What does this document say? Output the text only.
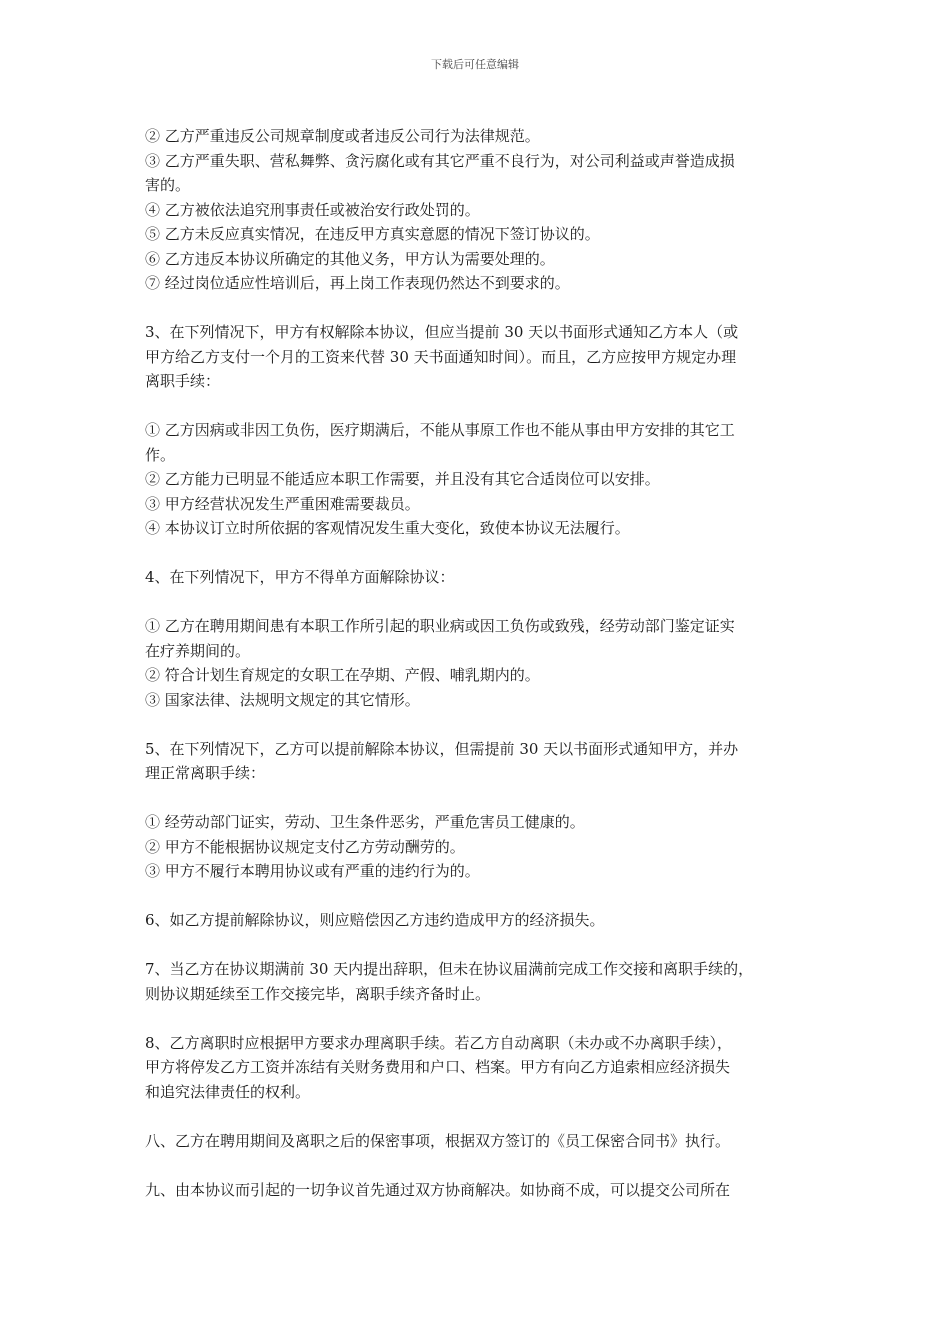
下载后可任意编辑
② 乙方严重违反公司规章制度或者违反公司行为法律规范。
③ 乙方严重失职、营私舞弊、贪污腐化或有其它严重不良行为，对公司利益或声誉造成损
害的。
④ 乙方被依法追究刑事责任或被治安行政处罚的。
⑤ 乙方未反应真实情况，在违反甲方真实意愿的情况下签订协议的。
⑥ 乙方违反本协议所确定的其他义务，甲方认为需要处理的。
⑦ 经过岗位适应性培训后，再上岗工作表现仍然达不到要求的。
3、在下列情况下，甲方有权解除本协议，但应当提前 30 天以书面形式通知乙方本人（或
甲方给乙方支付一个月的工资来代替 30 天书面通知时间）。而且，乙方应按甲方规定办理
离职手续：
① 乙方因病或非因工负伤，医疗期满后，不能从事原工作也不能从事由甲方安排的其它工
作。
② 乙方能力已明显不能适应本职工作需要，并且没有其它合适岗位可以安排。
③ 甲方经营状况发生严重困难需要裁员。
④ 本协议订立时所依据的客观情况发生重大变化，致使本协议无法履行。
4、在下列情况下，甲方不得单方面解除协议：
① 乙方在聘用期间患有本职工作所引起的职业病或因工负伤或致残，经劳动部门鉴定证实
在疗养期间的。
② 符合计划生育规定的女职工在孕期、产假、哺乳期内的。
③ 国家法律、法规明文规定的其它情形。
5、在下列情况下，乙方可以提前解除本协议，但需提前 30 天以书面形式通知甲方，并办
理正常离职手续：
① 经劳动部门证实，劳动、卫生条件恶劣，严重危害员工健康的。
② 甲方不能根据协议规定支付乙方劳动酬劳的。
③ 甲方不履行本聘用协议或有严重的违约行为的。
6、如乙方提前解除协议，则应赔偿因乙方违约造成甲方的经济损失。
7、当乙方在协议期满前 30 天内提出辞职，但未在协议届满前完成工作交接和离职手续的，
则协议期延续至工作交接完毕，离职手续齐备时止。
8、乙方离职时应根据甲方要求办理离职手续。若乙方自动离职（未办或不办离职手续），
甲方将停发乙方工资并冻结有关财务费用和户口、档案。甲方有向乙方追索相应经济损失
和追究法律责任的权利。
八、乙方在聘用期间及离职之后的保密事项，根据双方签订的《员工保密合同书》执行。
九、由本协议而引起的一切争议首先通过双方协商解决。如协商不成，可以提交公司所在
